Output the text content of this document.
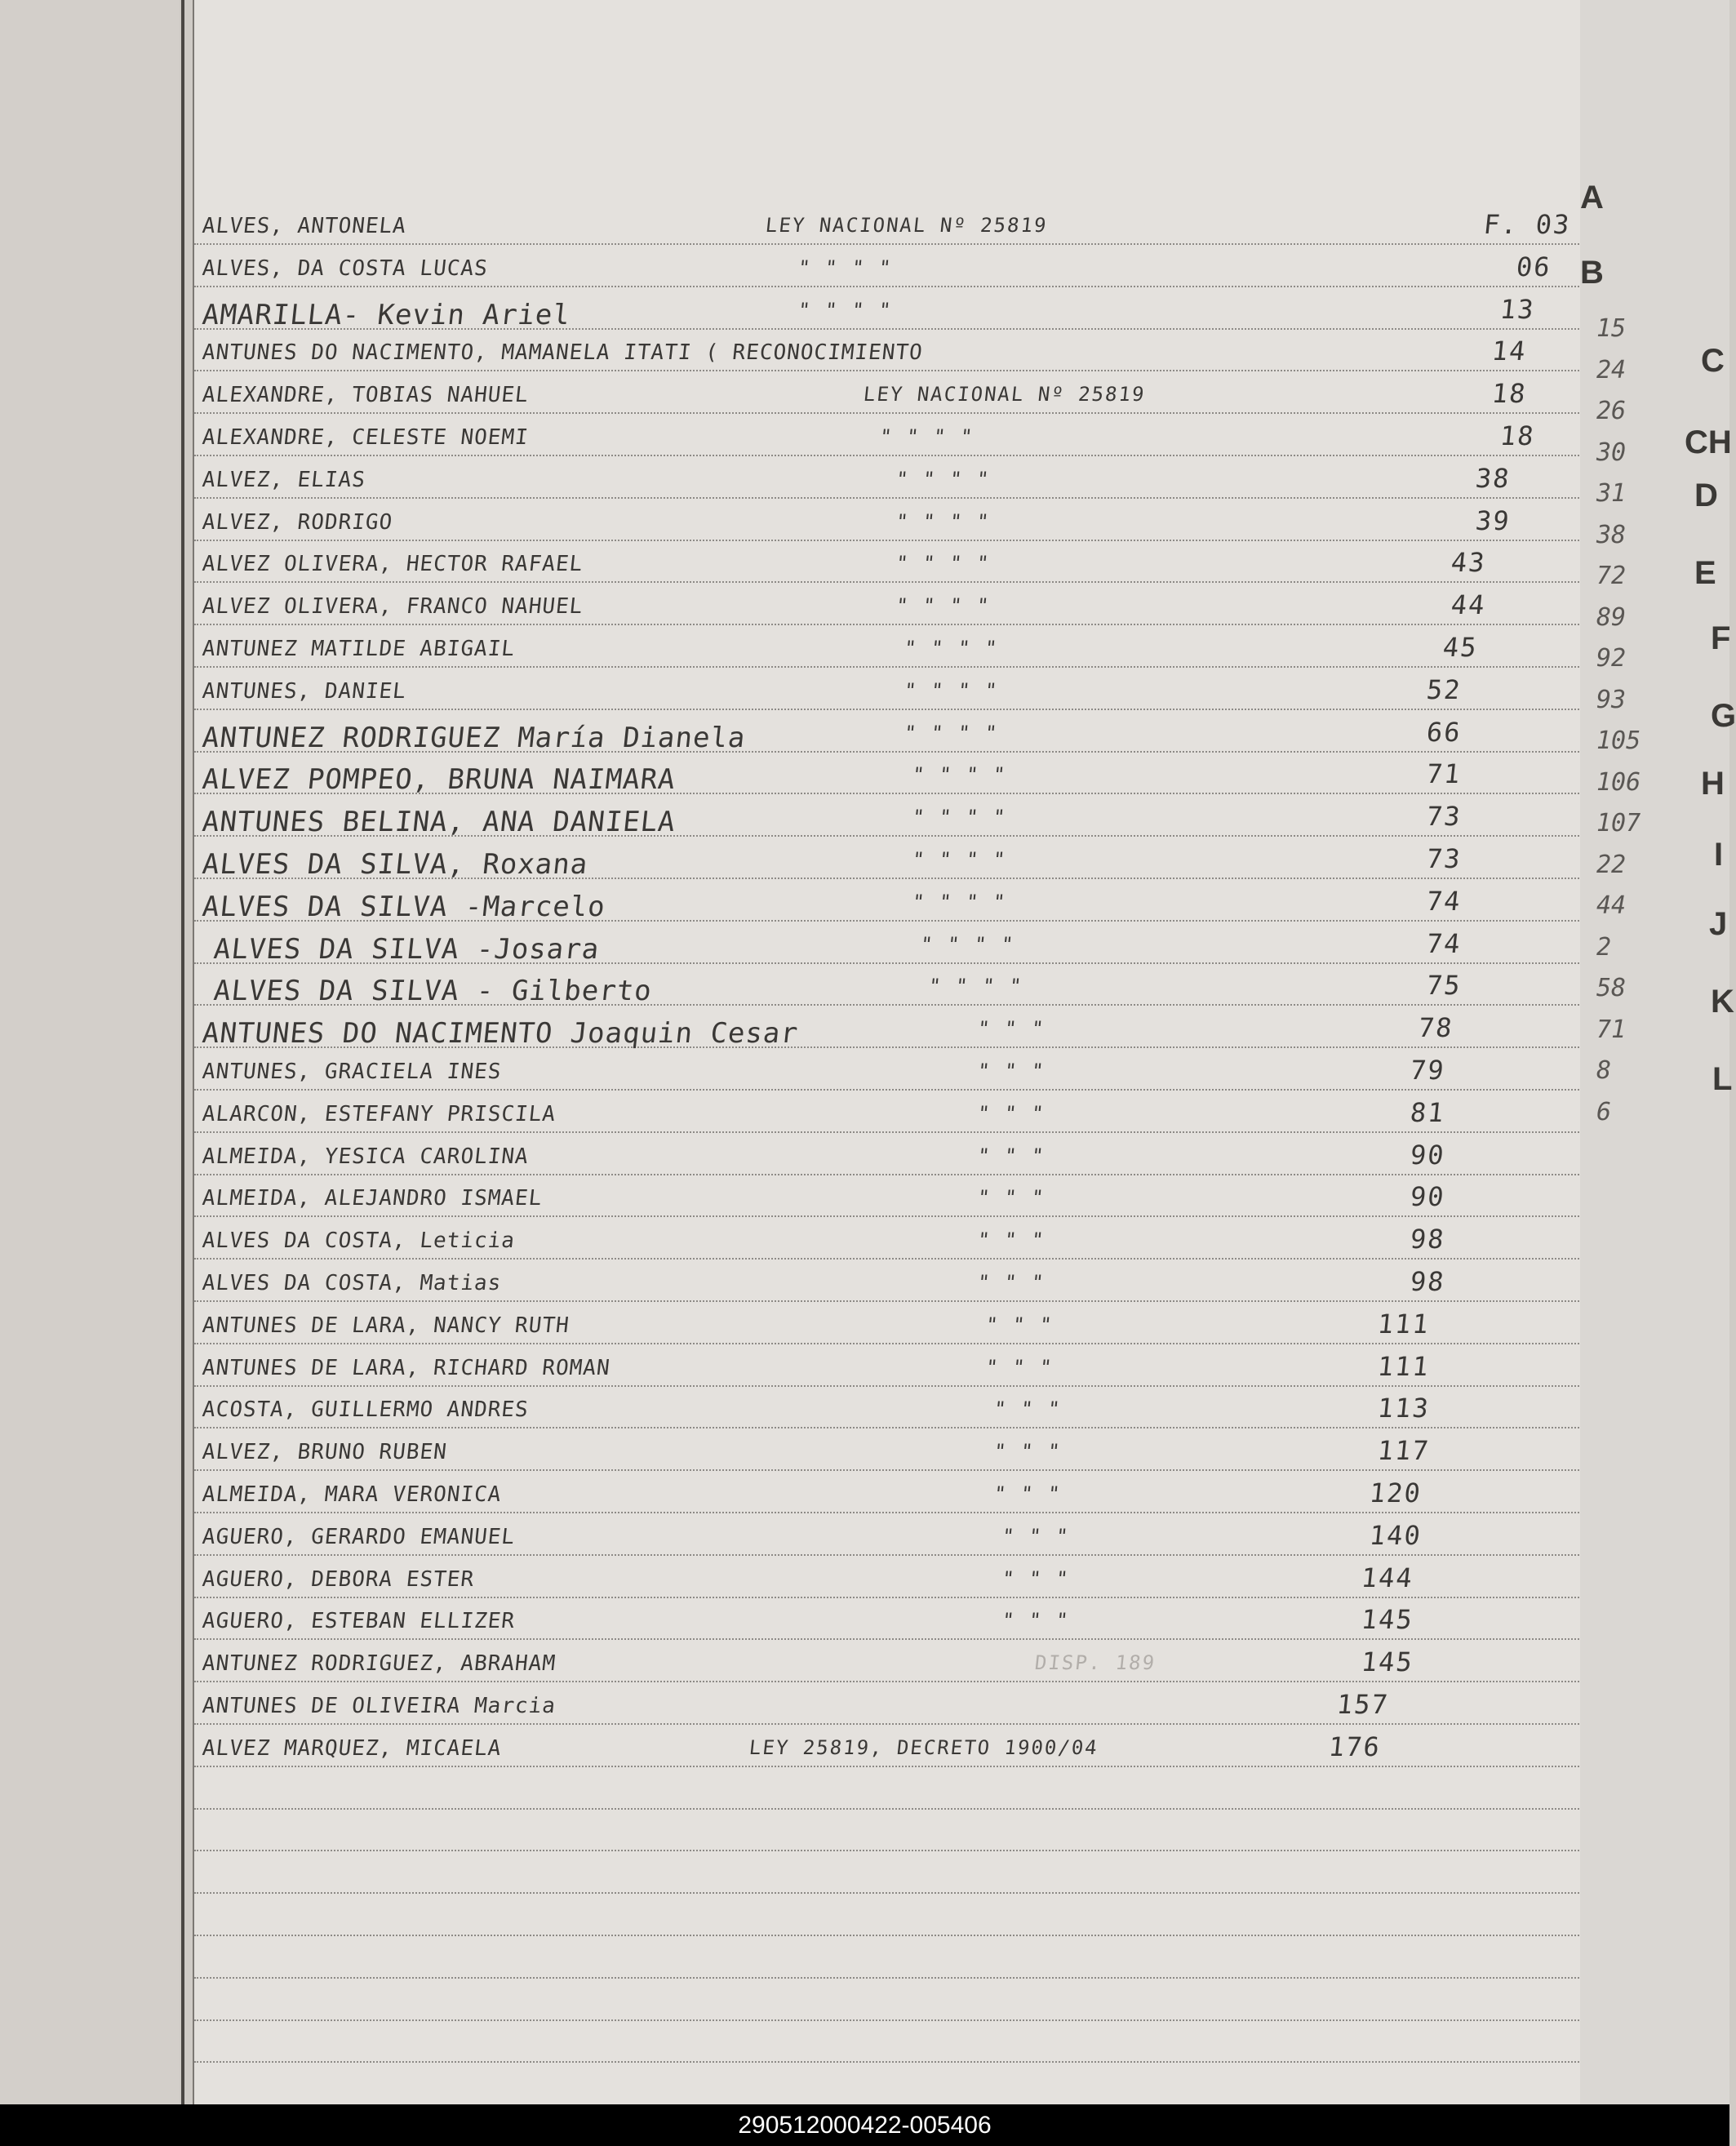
ALVES, ANTONELA	LEY NACIONAL Nº 25819	F. 03
ALVES, DA COSTA LUCAS	" " " "	06
AMARILLA- Kevin Ariel	" " " "	13
ANTUNES DO NACIMENTO, MAMANELA ITATI ( RECONOCIMIENTO	14
ALEXANDRE, TOBIAS NAHUEL	LEY NACIONAL Nº 25819	18
ALEXANDRE, CELESTE NOEMI	" " " "	18
ALVEZ, ELIAS	" " " "	38
ALVEZ, RODRIGO	" " " "	39
ALVEZ OLIVERA, HECTOR RAFAEL	" " " "	43
ALVEZ OLIVERA, FRANCO NAHUEL	" " " "	44
ANTUNEZ MATILDE ABIGAIL	" " " "	45
ANTUNES, DANIEL	" " " "	52
ANTUNEZ RODRIGUEZ María Dianela	" " " "	66
ALVEZ POMPEO, BRUNA NAIMARA	" " " "	71
ANTUNES BELINA, ANA DANIELA	" " " "	73
ALVES DA SILVA, Roxana	" " " "	73
ALVES DA SILVA -Marcelo	" " " "	74
ALVES DA SILVA -Josara	" " " "	74
ALVES DA SILVA - Gilberto	" " " "	75
ANTUNES DO NACIMENTO Joaquin Cesar	" " "	78
ANTUNES, GRACIELA INES	" " "	79
ALARCON, ESTEFANY PRISCILA	" " "	81
ALMEIDA, YESICA CAROLINA	" " "	90
ALMEIDA, ALEJANDRO ISMAEL	" " "	90
ALVES DA COSTA, Leticia	" " "	98
ALVES DA COSTA, Matias	" " "	98
ANTUNES DE LARA, NANCY RUTH	" " "	111
ANTUNES DE LARA, RICHARD ROMAN	" " "	111
ACOSTA, GUILLERMO ANDRES	" " "	113
ALVEZ, BRUNO RUBEN	" " "	117
ALMEIDA, MARA VERONICA	" " "	120
AGUERO, GERARDO EMANUEL	" " "	140
AGUERO, DEBORA ESTER	" " "	144
AGUERO, ESTEBAN ELLIZER	" " "	145
ANTUNEZ RODRIGUEZ, ABRAHAM	DISP. 189	145
ANTUNES DE OLIVEIRA Marcia	157
ALVEZ MARQUEZ, MICAELA	LEY 25819, DECRETO 1900/04	176
15
24
26
30
31
38
72
89
92
93
105
106
107
22
44
2
58
71
8
6
A
B
C
CH
D
E
F
G
H
I
J
K
L
290512000422-005406
